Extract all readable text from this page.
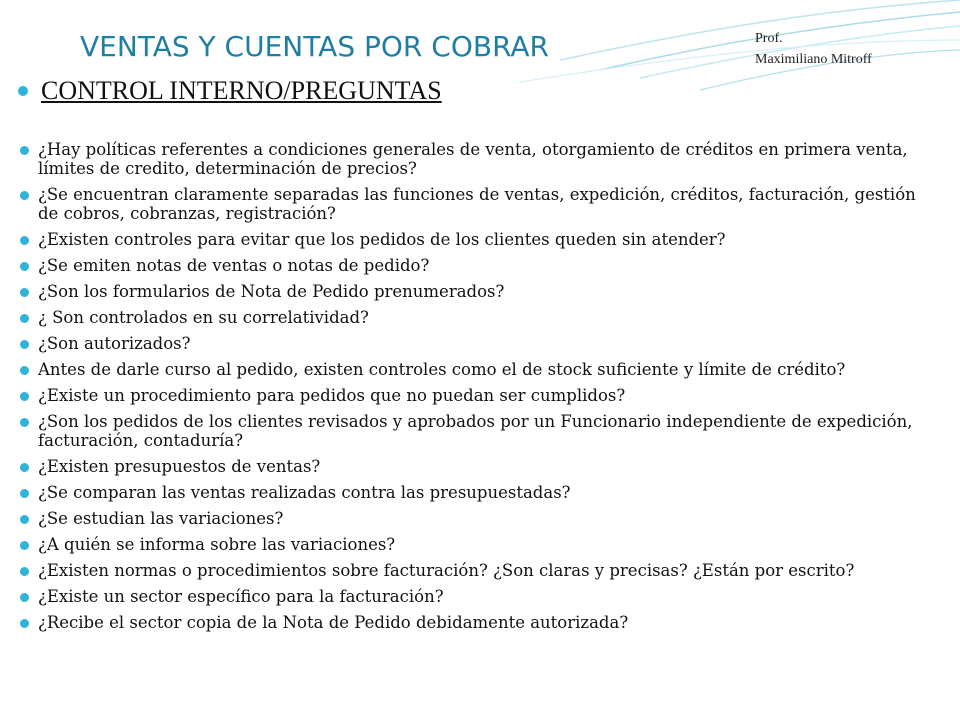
VENTAS Y CUENTAS POR COBRAR	Prof.
Maximiliano Mitroff
CONTROL INTERNO/PREGUNTAS
¿Hay políticas referentes a condiciones generales de venta, otorgamiento de créditos en primera venta, límites de credito, determinación de precios?
¿Se encuentran claramente separadas las funciones de ventas, expedición, créditos, facturación, gestión de cobros, cobranzas, registración?
¿Existen controles para evitar que los pedidos de los clientes queden sin atender?
¿Se emiten notas de ventas o notas de pedido?
¿Son los formularios de Nota de Pedido prenumerados?
¿ Son controlados en su correlatividad?
¿Son autorizados?
Antes de darle curso al pedido, existen controles como el de stock suficiente y límite de crédito?
¿Existe un procedimiento para pedidos que no puedan ser cumplidos?
¿Son los pedidos de los clientes revisados y aprobados por un Funcionario independiente de expedición, facturación, contaduría?
¿Existen presupuestos de ventas?
¿Se comparan las ventas realizadas contra las presupuestadas?
¿Se estudian las variaciones?
¿A quién se informa sobre las variaciones?
¿Existen normas o procedimientos sobre facturación? ¿Son claras y precisas? ¿Están por escrito?
¿Existe un sector específico para la facturación?
¿Recibe el sector copia de la Nota de Pedido debidamente autorizada?
